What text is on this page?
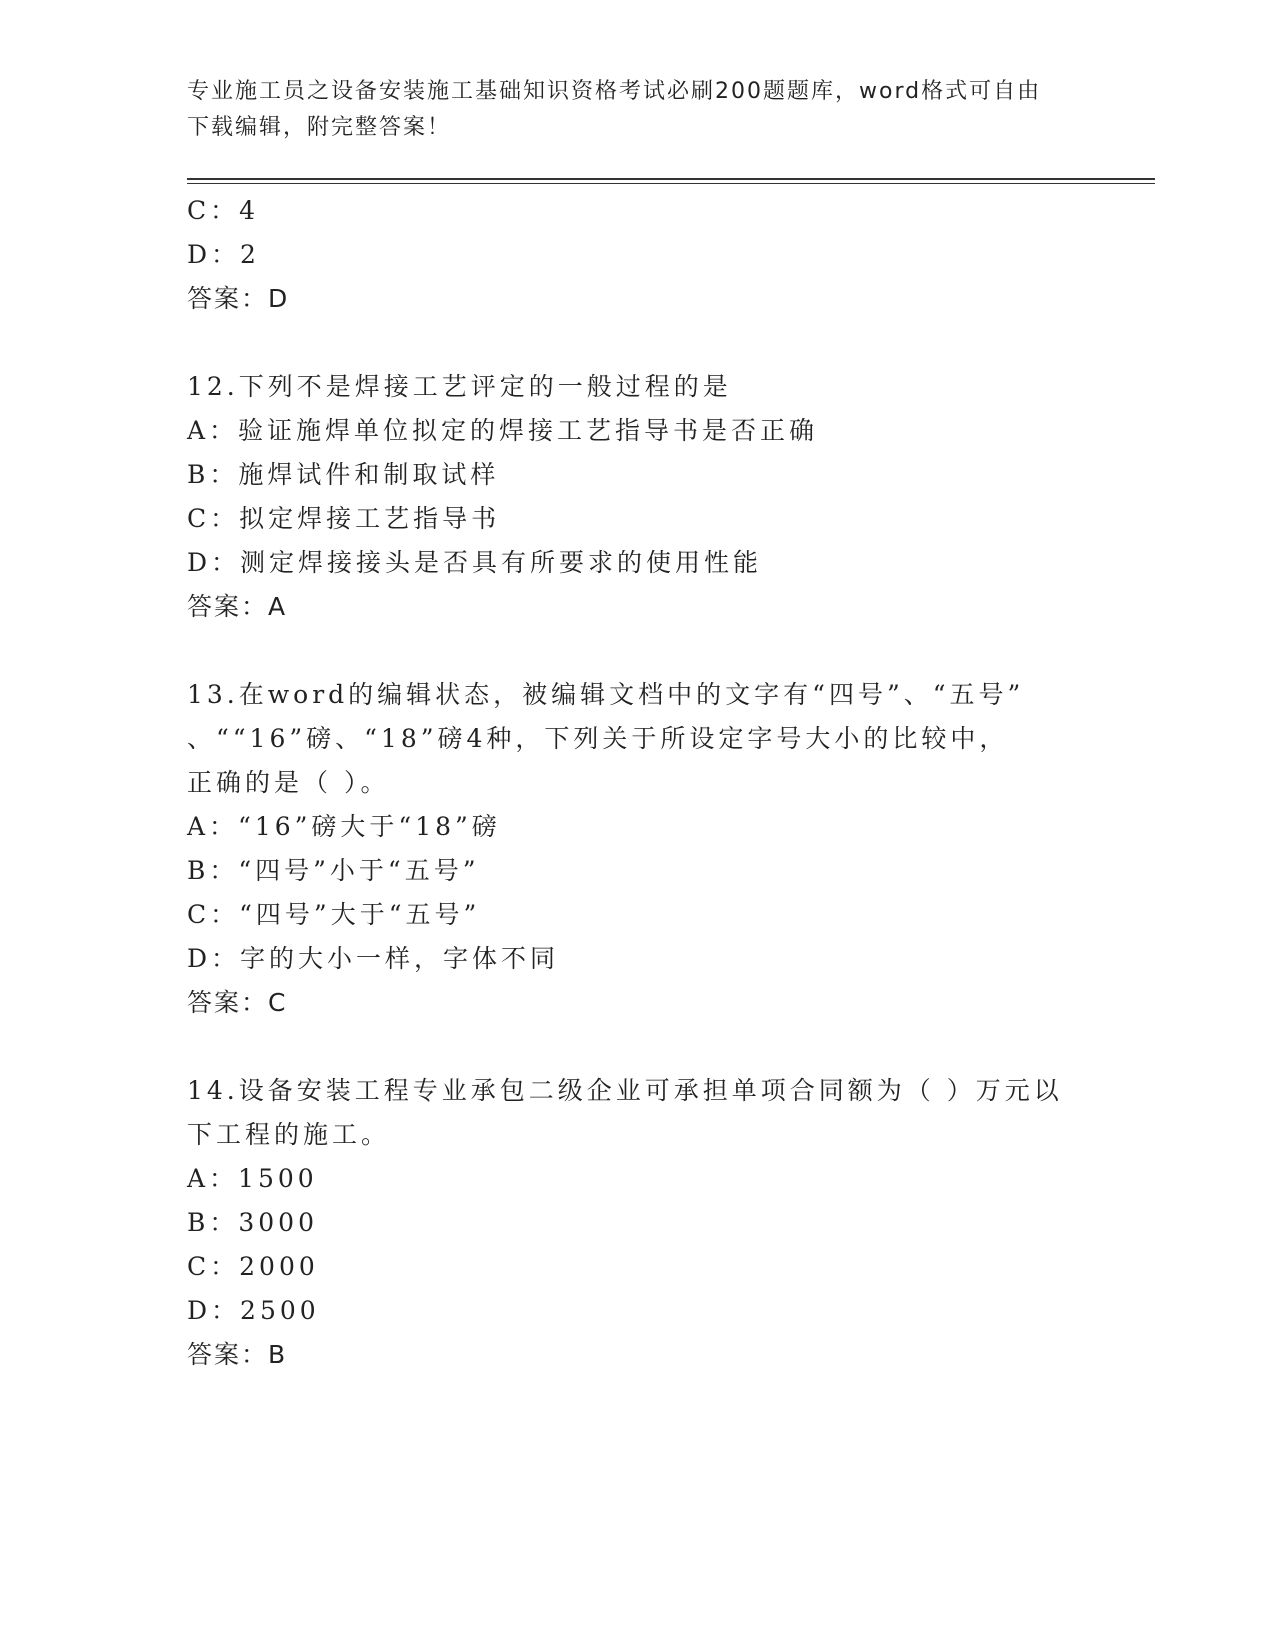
专业施工员之设备安装施工基础知识资格考试必刷200题题库，word格式可自由
下载编辑，附完整答案！
C：4
D：2
答案：D
12.下列不是焊接工艺评定的一般过程的是
A：验证施焊单位拟定的焊接工艺指导书是否正确
B：施焊试件和制取试样
C：拟定焊接工艺指导书
D：测定焊接接头是否具有所要求的使用性能
答案：A
13.在word的编辑状态，被编辑文档中的文字有“四号”、“五号”
、““16”磅、“18”磅4种，下列关于所设定字号大小的比较中，
正确的是（ ）。
A：“16”磅大于“18”磅
B：“四号”小于“五号”
C：“四号”大于“五号”
D：字的大小一样，字体不同
答案：C
14.设备安装工程专业承包二级企业可承担单项合同额为（ ）万元以
下工程的施工。
A：1500
B：3000
C：2000
D：2500
答案：B
